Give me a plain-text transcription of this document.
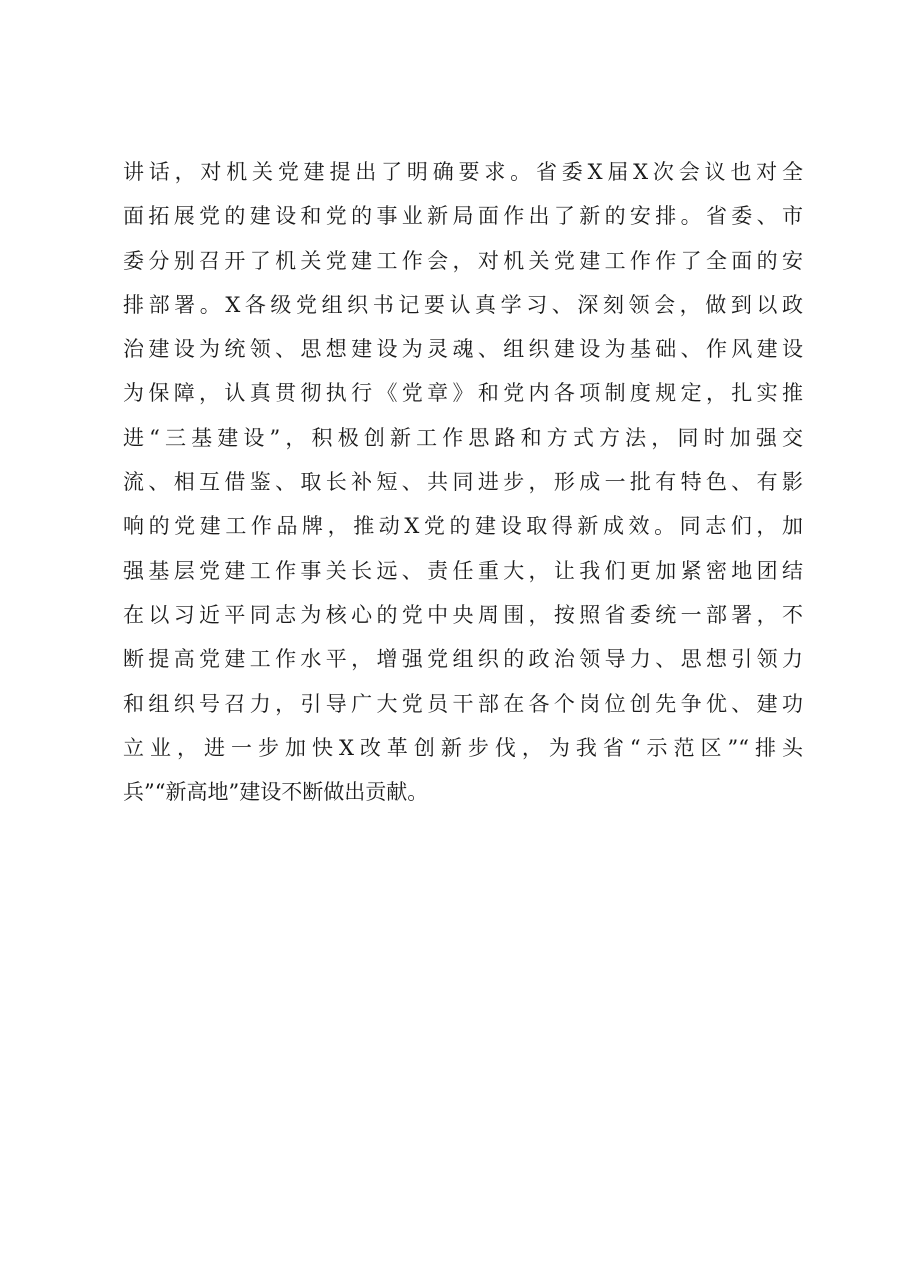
讲话，对机关党建提出了明确要求。省委X届X次会议也对全
面拓展党的建设和党的事业新局面作出了新的安排。省委、市
委分别召开了机关党建工作会，对机关党建工作作了全面的安
排部署。X各级党组织书记要认真学习、深刻领会，做到以政
治建设为统领、思想建设为灵魂、组织建设为基础、作风建设
为保障，认真贯彻执行《党章》和党内各项制度规定，扎实推
进“三基建设”，积极创新工作思路和方式方法，同时加强交
流、相互借鉴、取长补短、共同进步，形成一批有特色、有影
响的党建工作品牌，推动X党的建设取得新成效。同志们，加
强基层党建工作事关长远、责任重大，让我们更加紧密地团结
在以习近平同志为核心的党中央周围，按照省委统一部署，不
断提高党建工作水平，增强党组织的政治领导力、思想引领力
和组织号召力，引导广大党员干部在各个岗位创先争优、建功
立业，进一步加快X改革创新步伐，为我省“示范区”“排头
兵”“新高地”建设不断做出贡献。
